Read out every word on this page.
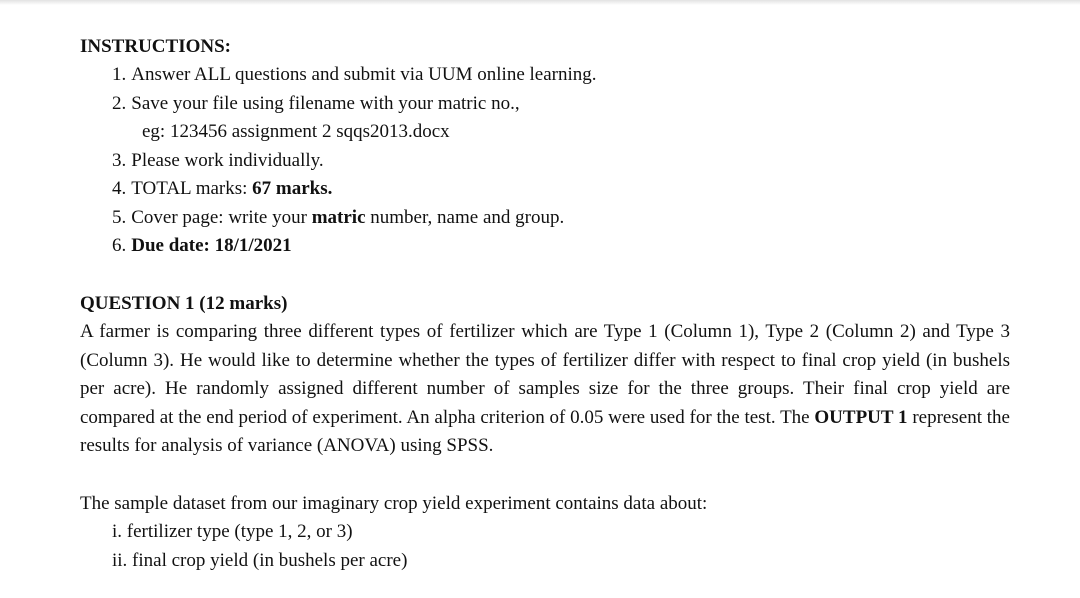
INSTRUCTIONS:
1. Answer ALL questions and submit via UUM online learning.
2. Save your file using filename with your matric no.,
eg: 123456 assignment 2 sqqs2013.docx
3. Please work individually.
4. TOTAL marks: 67 marks.
5. Cover page: write your matric number, name and group.
6. Due date: 18/1/2021
QUESTION 1 (12 marks)
A farmer is comparing three different types of fertilizer which are Type 1 (Column 1), Type 2 (Column 2) and Type 3 (Column 3). He would like to determine whether the types of fertilizer differ with respect to final crop yield (in bushels per acre). He randomly assigned different number of samples size for the three groups. Their final crop yield are compared at the end period of experiment. An alpha criterion of 0.05 were used for the test. The OUTPUT 1 represent the results for analysis of variance (ANOVA) using SPSS.
The sample dataset from our imaginary crop yield experiment contains data about:
i. fertilizer type (type 1, 2, or 3)
ii. final crop yield (in bushels per acre)
